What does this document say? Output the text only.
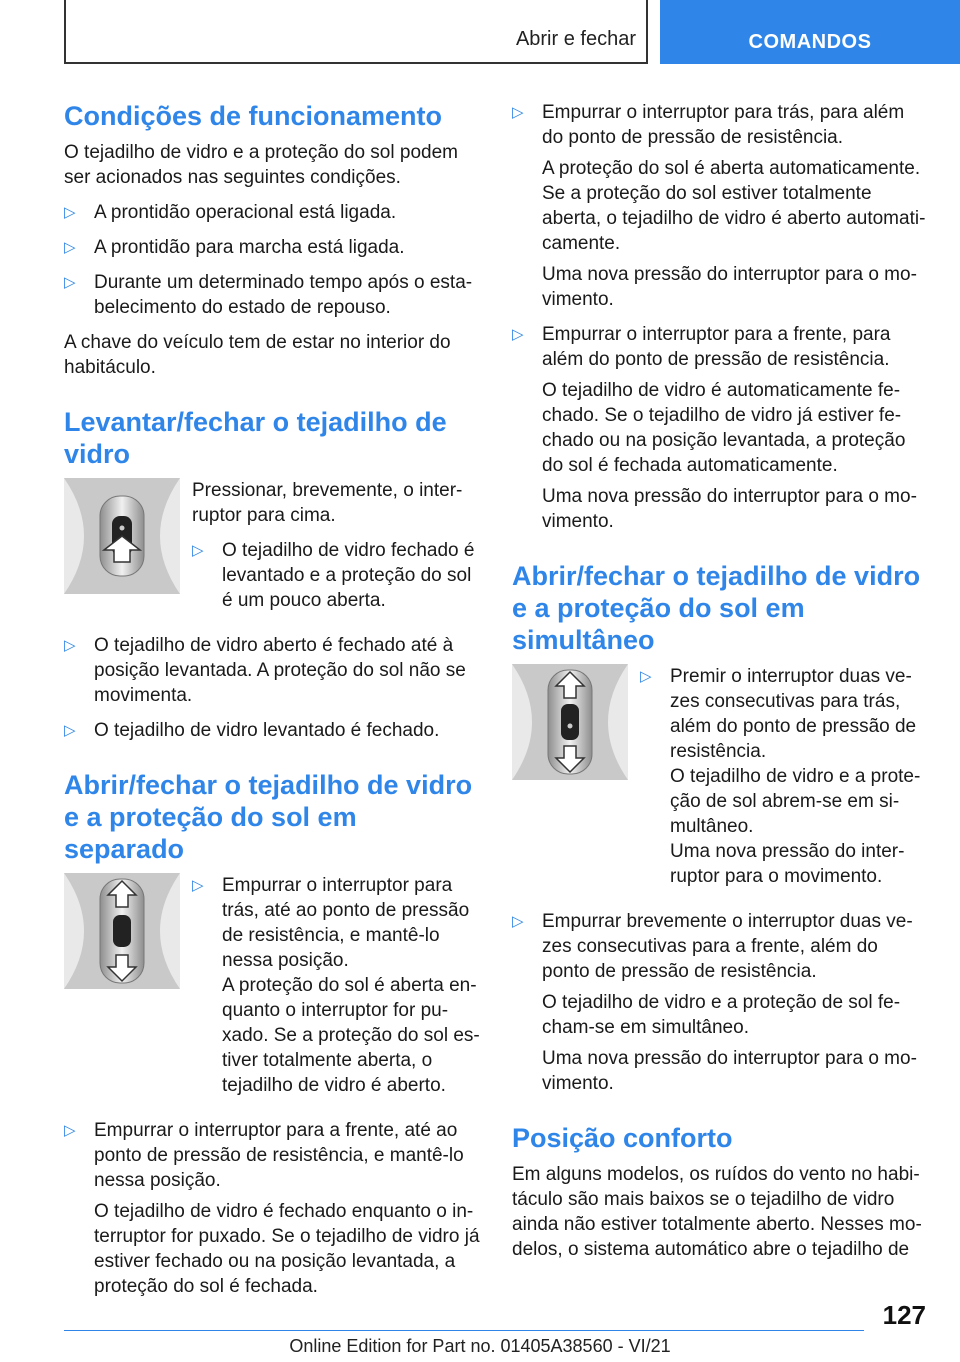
Abrir e fechar	COMANDOS
Condições de funcionamento

O tejadilho de vidro e a proteção do sol podem ser acionados nas seguintes condições.

▷ A prontidão operacional está ligada.
▷ A prontidão para marcha está ligada.
▷ Durante um determinado tempo após o esta-belecimento do estado de repouso.

A chave do veículo tem de estar no interior do habitáculo.

Levantar/fechar o tejadilho de vidro

Pressionar, brevemente, o inter-ruptor para cima.

▷ O tejadilho de vidro fechado é levantado e a proteção do sol é um pouco aberta.
▷ O tejadilho de vidro aberto é fechado até à posição levantada. A proteção do sol não se movimenta.
▷ O tejadilho de vidro levantado é fechado.
Abrir/fechar o tejadilho de vidro e a proteção do sol em separado
▷ Empurrar o interruptor para trás, até ao ponto de pressão de resistência, e mantê-lo nessa posição.

A proteção do sol é aberta en-quanto o interruptor for pu-xado. Se a proteção do sol es-tiver totalmente aberta, o tejadilho de vidro é aberto.

▷ Empurrar o interruptor para a frente, até ao ponto de pressão de resistência, e mantê-lo nessa posição.

O tejadilho de vidro é fechado enquanto o in-terruptor for puxado. Se o tejadilho de vidro já estiver fechado ou na posição levantada, a proteção do sol é fechada.

▷ Empurrar o interruptor para trás, para além do ponto de pressão de resistência.

A proteção do sol é aberta automaticamente. Se a proteção do sol estiver totalmente aberta, o tejadilho de vidro é aberto automati-camente.

Uma nova pressão do interruptor para o mo-vimento.

▷ Empurrar o interruptor para a frente, para além do ponto de pressão de resistência.

O tejadilho de vidro é automaticamente fe-chado. Se o tejadilho de vidro já estiver fe-chado ou na posição levantada, a proteção do sol é fechada automaticamente.

Uma nova pressão do interruptor para o mo-vimento.

Abrir/fechar o tejadilho de vidro e a proteção do sol em simultâneo
▷ Premir o interruptor duas ve-zes consecutivas para trás, além do ponto de pressão de resistência.

O tejadilho de vidro e a prote-ção de sol abrem-se em si-multâneo.

Uma nova pressão do inter-ruptor para o movimento.

▷ Empurrar brevemente o interruptor duas ve-zes consecutivas para a frente, além do ponto de pressão de resistência.

O tejadilho de vidro e a proteção de sol fe-cham-se em simultâneo.

Uma nova pressão do interruptor para o mo-vimento.

Posição conforto

Em alguns modelos, os ruídos do vento no habi-táculo são mais baixos se o tejadilho de vidro ainda não estiver totalmente aberto. Nesses mo-delos, o sistema automático abre o tejadilho de

127
Online Edition for Part no. 01405A38560 - VI/21
